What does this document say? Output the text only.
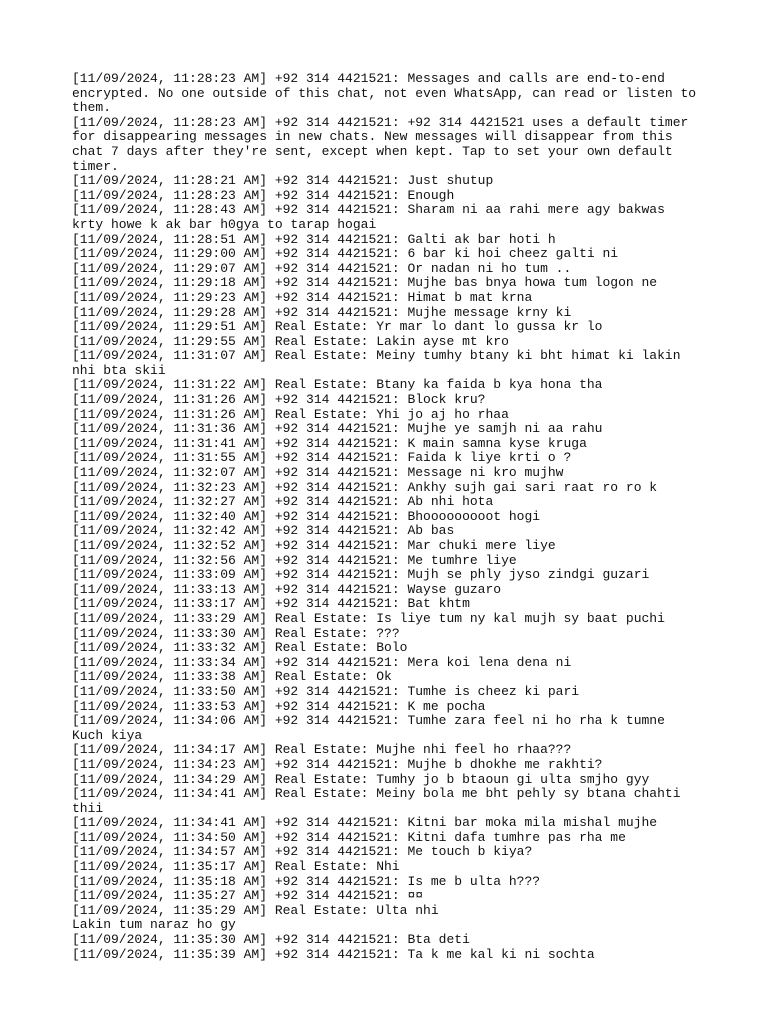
[11/09/2024, 11:28:23 AM] +92 314 4421521: Messages and calls are end-to-end encrypted. No one outside of this chat, not even WhatsApp, can read or listen to them.
[11/09/2024, 11:28:23 AM] +92 314 4421521: +92 314 4421521 uses a default timer for disappearing messages in new chats. New messages will disappear from this chat 7 days after they're sent, except when kept. Tap to set your own default timer.
[11/09/2024, 11:28:21 AM] +92 314 4421521: Just shutup
[11/09/2024, 11:28:23 AM] +92 314 4421521: Enough
[11/09/2024, 11:28:43 AM] +92 314 4421521: Sharam ni aa rahi mere agy bakwas krty howe k ak bar h0gya to tarap hogai
[11/09/2024, 11:28:51 AM] +92 314 4421521: Galti ak bar hoti h
[11/09/2024, 11:29:00 AM] +92 314 4421521: 6 bar ki hoi cheez galti ni
[11/09/2024, 11:29:07 AM] +92 314 4421521: Or nadan ni ho tum ..
[11/09/2024, 11:29:18 AM] +92 314 4421521: Mujhe bas bnya howa tum logon ne
[11/09/2024, 11:29:23 AM] +92 314 4421521: Himat b mat krna
[11/09/2024, 11:29:28 AM] +92 314 4421521: Mujhe message krny ki
[11/09/2024, 11:29:51 AM] Real Estate: Yr mar lo dant lo gussa kr lo
[11/09/2024, 11:29:55 AM] Real Estate: Lakin ayse mt kro
[11/09/2024, 11:31:07 AM] Real Estate: Meiny tumhy btany ki bht himat ki lakin nhi bta skii
[11/09/2024, 11:31:22 AM] Real Estate: Btany ka faida b kya hona tha
[11/09/2024, 11:31:26 AM] +92 314 4421521: Block kru?
[11/09/2024, 11:31:26 AM] Real Estate: Yhi jo aj ho rhaa
[11/09/2024, 11:31:36 AM] +92 314 4421521: Mujhe ye samjh ni aa rahu
[11/09/2024, 11:31:41 AM] +92 314 4421521: K main samna kyse kruga
[11/09/2024, 11:31:55 AM] +92 314 4421521: Faida k liye krti o ?
[11/09/2024, 11:32:07 AM] +92 314 4421521: Message ni kro mujhw
[11/09/2024, 11:32:23 AM] +92 314 4421521: Ankhy sujh gai sari raat ro ro k
[11/09/2024, 11:32:27 AM] +92 314 4421521: Ab nhi hota
[11/09/2024, 11:32:40 AM] +92 314 4421521: Bhooooooooot hogi
[11/09/2024, 11:32:42 AM] +92 314 4421521: Ab bas
[11/09/2024, 11:32:52 AM] +92 314 4421521: Mar chuki mere liye
[11/09/2024, 11:32:56 AM] +92 314 4421521: Me tumhre liye
[11/09/2024, 11:33:09 AM] +92 314 4421521: Mujh se phly jyso zindgi guzari
[11/09/2024, 11:33:13 AM] +92 314 4421521: Wayse guzaro
[11/09/2024, 11:33:17 AM] +92 314 4421521: Bat khtm
[11/09/2024, 11:33:29 AM] Real Estate: Is liye tum ny kal mujh sy baat puchi
[11/09/2024, 11:33:30 AM] Real Estate: ???
[11/09/2024, 11:33:32 AM] Real Estate: Bolo
[11/09/2024, 11:33:34 AM] +92 314 4421521: Mera koi lena dena ni
[11/09/2024, 11:33:38 AM] Real Estate: Ok
[11/09/2024, 11:33:50 AM] +92 314 4421521: Tumhe is cheez ki pari
[11/09/2024, 11:33:53 AM] +92 314 4421521: K me pocha
[11/09/2024, 11:34:06 AM] +92 314 4421521: Tumhe zara feel ni ho rha k tumne Kuch kiya
[11/09/2024, 11:34:17 AM] Real Estate: Mujhe nhi feel ho rhaa???
[11/09/2024, 11:34:23 AM] +92 314 4421521: Mujhe b dhokhe me rakhti?
[11/09/2024, 11:34:29 AM] Real Estate: Tumhy jo b btaoun gi ulta smjho gyy
[11/09/2024, 11:34:41 AM] Real Estate: Meiny bola me bht pehly sy btana chahti thii
[11/09/2024, 11:34:41 AM] +92 314 4421521: Kitni bar moka mila mishal mujhe
[11/09/2024, 11:34:50 AM] +92 314 4421521: Kitni dafa tumhre pas rha me
[11/09/2024, 11:34:57 AM] +92 314 4421521: Me touch b kiya?
[11/09/2024, 11:35:17 AM] Real Estate: Nhi
[11/09/2024, 11:35:18 AM] +92 314 4421521: Is me b ulta h???
[11/09/2024, 11:35:27 AM] +92 314 4421521: ¤¤
[11/09/2024, 11:35:29 AM] Real Estate: Ulta nhi
Lakin tum naraz ho gy
[11/09/2024, 11:35:30 AM] +92 314 4421521: Bta deti
[11/09/2024, 11:35:39 AM] +92 314 4421521: Ta k me kal ki ni sochta
